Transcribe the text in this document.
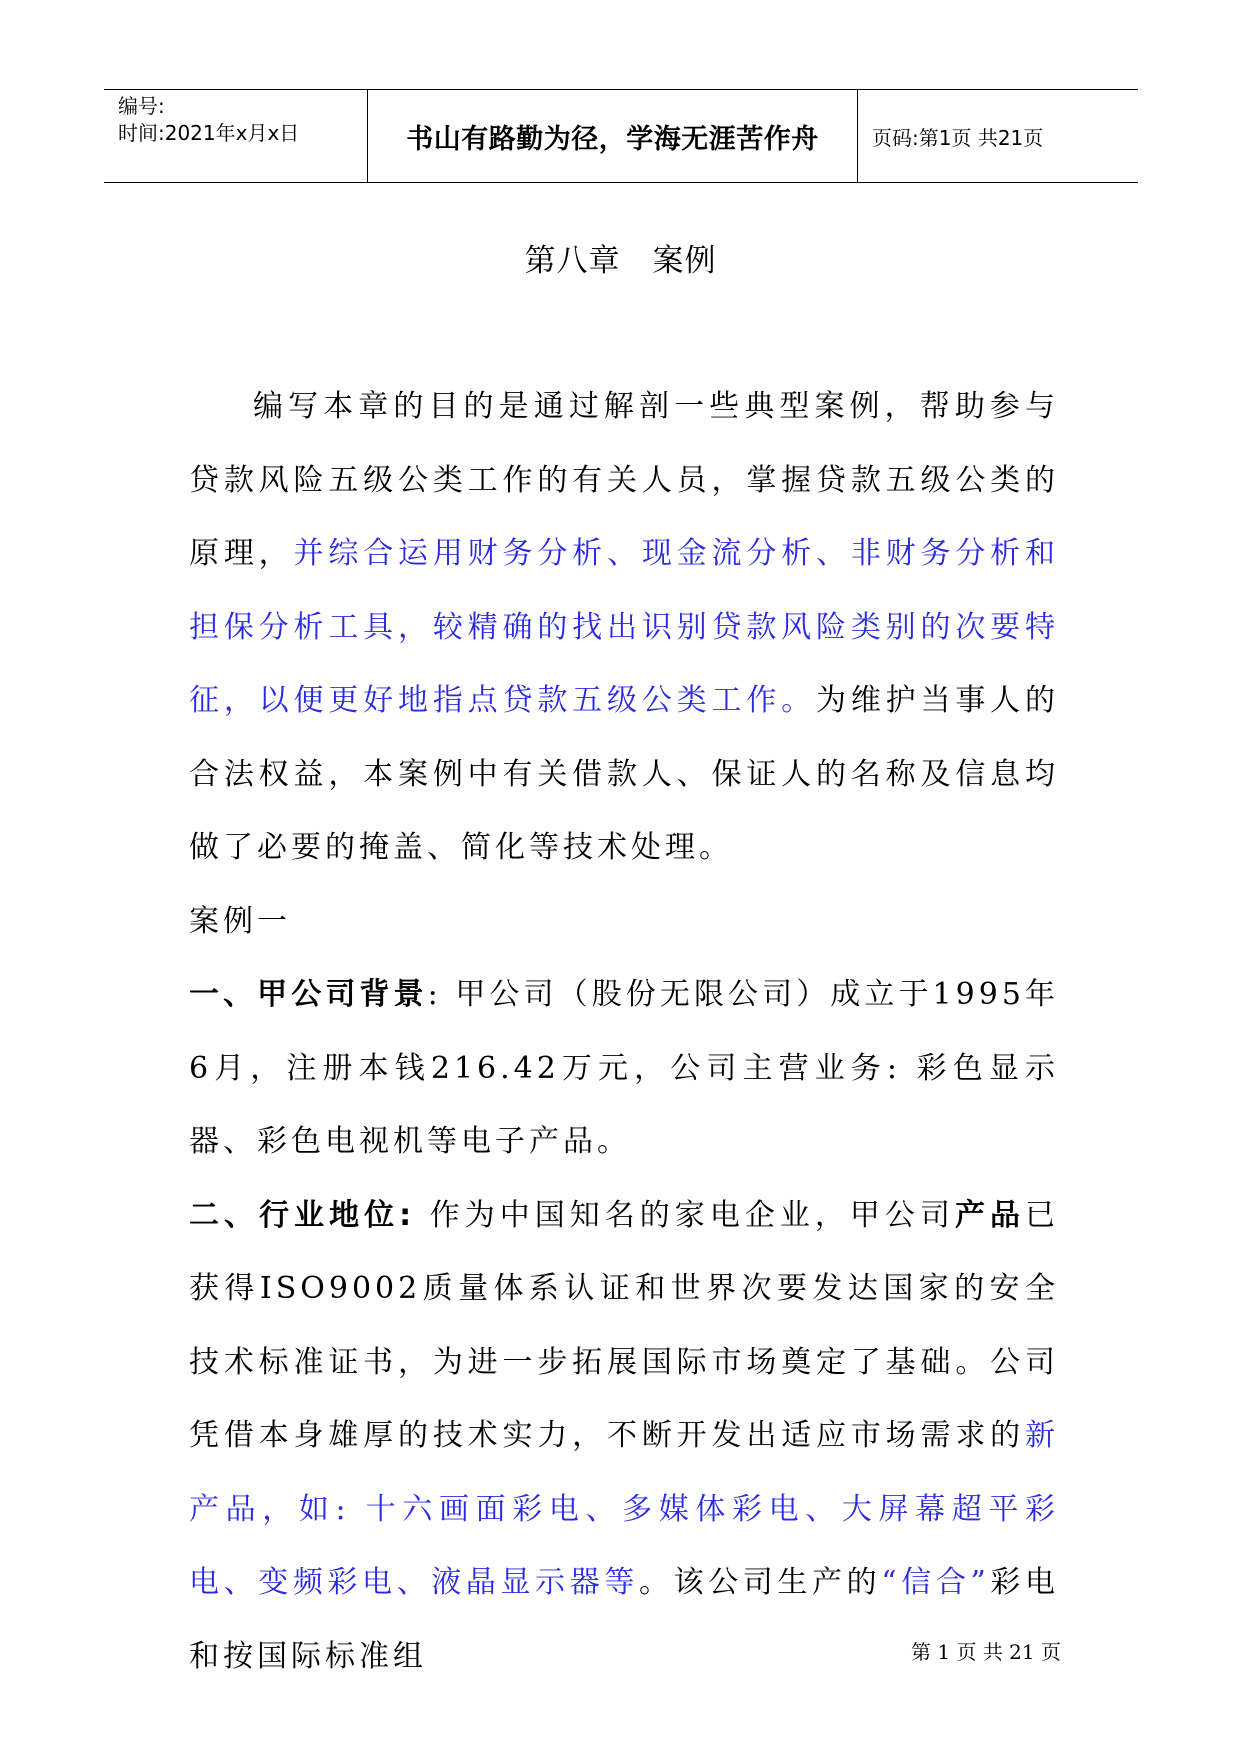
编号:
时间:2021年x月x日	书山有路勤为径，学海无涯苦作舟	页码:第1页 共21页
第八章　案例

编写本章的目的是通过解剖一些典型案例，帮助参与贷款风险五级公类工作的有关人员，掌握贷款五级公类的原理，并综合运用财务分析、现金流分析、非财务分析和担保分析工具，较精确的找出识别贷款风险类别的次要特征，以便更好地指点贷款五级公类工作。为维护当事人的合法权益，本案例中有关借款人、保证人的名称及信息均做了必要的掩盖、简化等技术处理。

案例一

一、甲公司背景: 甲公司（股份无限公司）成立于1995年6月，注册本钱216.42万元，公司主营业务: 彩色显示器、彩色电视机等电子产品。

二、行业地位: 作为中国知名的家电企业，甲公司产品已获得ISO9002质量体系认证和世界次要发达国家的安全技术标准证书，为进一步拓展国际市场奠定了基础。公司凭借本身雄厚的技术实力，不断开发出适应市场需求的新产品，如: 十六画面彩电、多媒体彩电、大屏幕超平彩电、变频彩电、液晶显示器等。该公司生产的“信合”彩电和按国际标准组	第 1 页 共 21 页
